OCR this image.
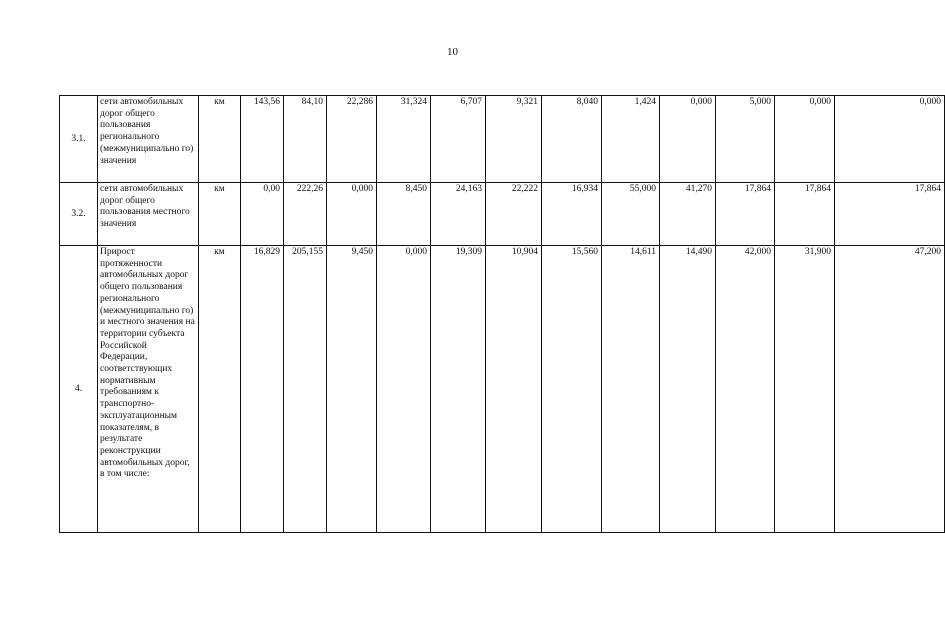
10
3.1.	сети автомобильных дорог общего пользования регионального (межмуниципально го) значения	км	143,56	84,10	22,286	31,324	6,707	9,321	8,040	1,424	0,000	5,000	0,000	0,000
3.2.	сети автомобильных дорог общего пользования местного значения	км	0,00	222,26	0,000	8,450	24,163	22,222	16,934	55,000	41,270	17,864	17,864	17,864
4.	Прирост протяженности автомобильных дорог общего пользования регионального (межмуниципально го) и местного значения на территории субъекта Российской Федерации, соответствующих нормативным требованиям к транспортно-эксплуатационным показателям, в результате реконструкции автомобильных дорог, в том числе:	км	16,829	205,155	9,450	0,000	19,309	10,904	15,560	14,611	14,490	42,000	31,900	47,200
